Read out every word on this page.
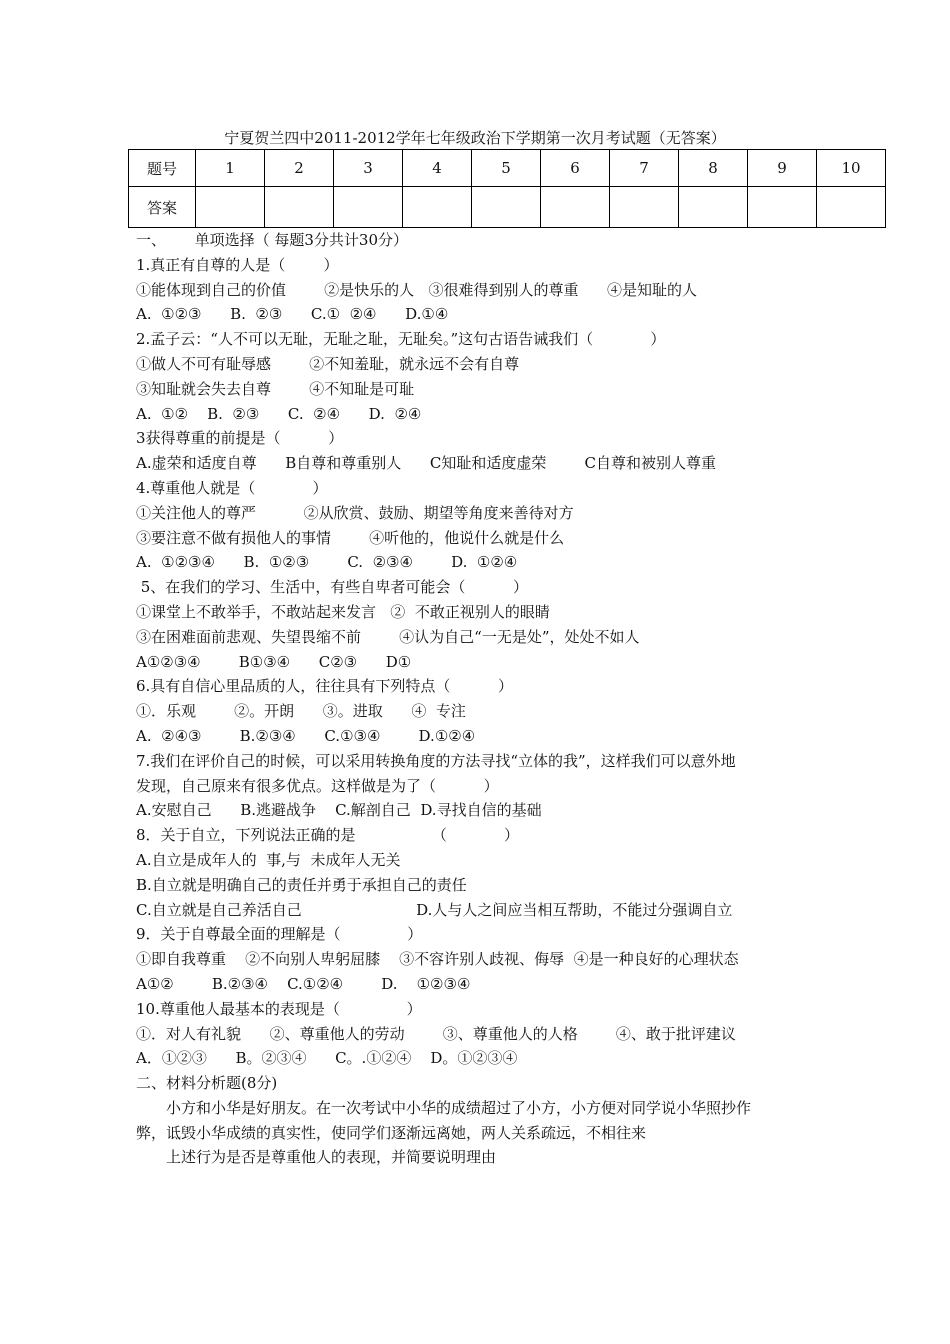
宁夏贺兰四中2011-2012学年七年级政治下学期第一次月考试题（无答案）
题号	1	2	3	4	5	6	7	8	9	10
答案										
一、      单项选择（ 每题3分共计30分）
1.真正有自尊的人是（        ）
①能体现到自己的价值        ②是快乐的人   ③很难得到别人的尊重      ④是知耻的人
A.  ①②③      B.  ②③      C.①  ②④      D.①④
2.孟子云：“人不可以无耻，无耻之耻，无耻矣。”这句古语告诫我们（            ）
①做人不可有耻辱感        ②不知羞耻，就永远不会有自尊
③知耻就会失去自尊        ④不知耻是可耻
A.  ①②    B.  ②③      C.  ②④      D.  ②④
3获得尊重的前提是（          ）
A.虚荣和适度自尊      B自尊和尊重别人      C知耻和适度虚荣        C自尊和被别人尊重
4.尊重他人就是（            ）
①关注他人的尊严          ②从欣赏、鼓励、期望等角度来善待对方
③要注意不做有损他人的事情        ④听他的，他说什么就是什么
A.  ①②③④      B.  ①②③        C.  ②③④        D.  ①②④
5、在我们的学习、生活中，有些自卑者可能会（          ）
①课堂上不敢举手，不敢站起来发言   ②  不敢正视别人的眼睛
③在困难面前悲观、失望畏缩不前        ④认为自己“一无是处”，处处不如人
A①②③④        B①③④      C②③      D①
6.具有自信心里品质的人，往往具有下列特点（          ）
①．乐观        ②。开朗      ③。进取      ④  专注
A.  ②④③        B.②③④      C.①③④        D.①②④
7.我们在评价自己的时候，可以采用转换角度的方法寻找“立体的我”，这样我们可以意外地
发现，自己原来有很多优点。这样做是为了（          ）
A.安慰自己      B.逃避战争    C.解剖自己  D.寻找自信的基础
8．关于自立，下列说法正确的是                （            ）
A.自立是成年人的  事,与  未成年人无关
B.自立就是明确自己的责任并勇于承担自己的责任
C.自立就是自己养活自己                        D.人与人之间应当相互帮助，不能过分强调自立
9．关于自尊最全面的理解是（              ）
①即自我尊重    ②不向别人卑躬屈膝    ③不容许别人歧视、侮辱  ④是一种良好的心理状态
A①②        B.②③④    C.①②④        D.    ①②③④
10.尊重他人最基本的表现是（              ）
①．对人有礼貌      ②、尊重他人的劳动        ③、尊重他人的人格        ④、敢于批评建议
A．①②③      B。②③④      C。.①②④    D。①②③④
二、材料分析题(8分)
小方和小华是好朋友。在一次考试中小华的成绩超过了小方，小方便对同学说小华照抄作
弊，诋毁小华成绩的真实性，使同学们逐渐远离她，两人关系疏远，不相往来
上述行为是否是尊重他人的表现，并简要说明理由
